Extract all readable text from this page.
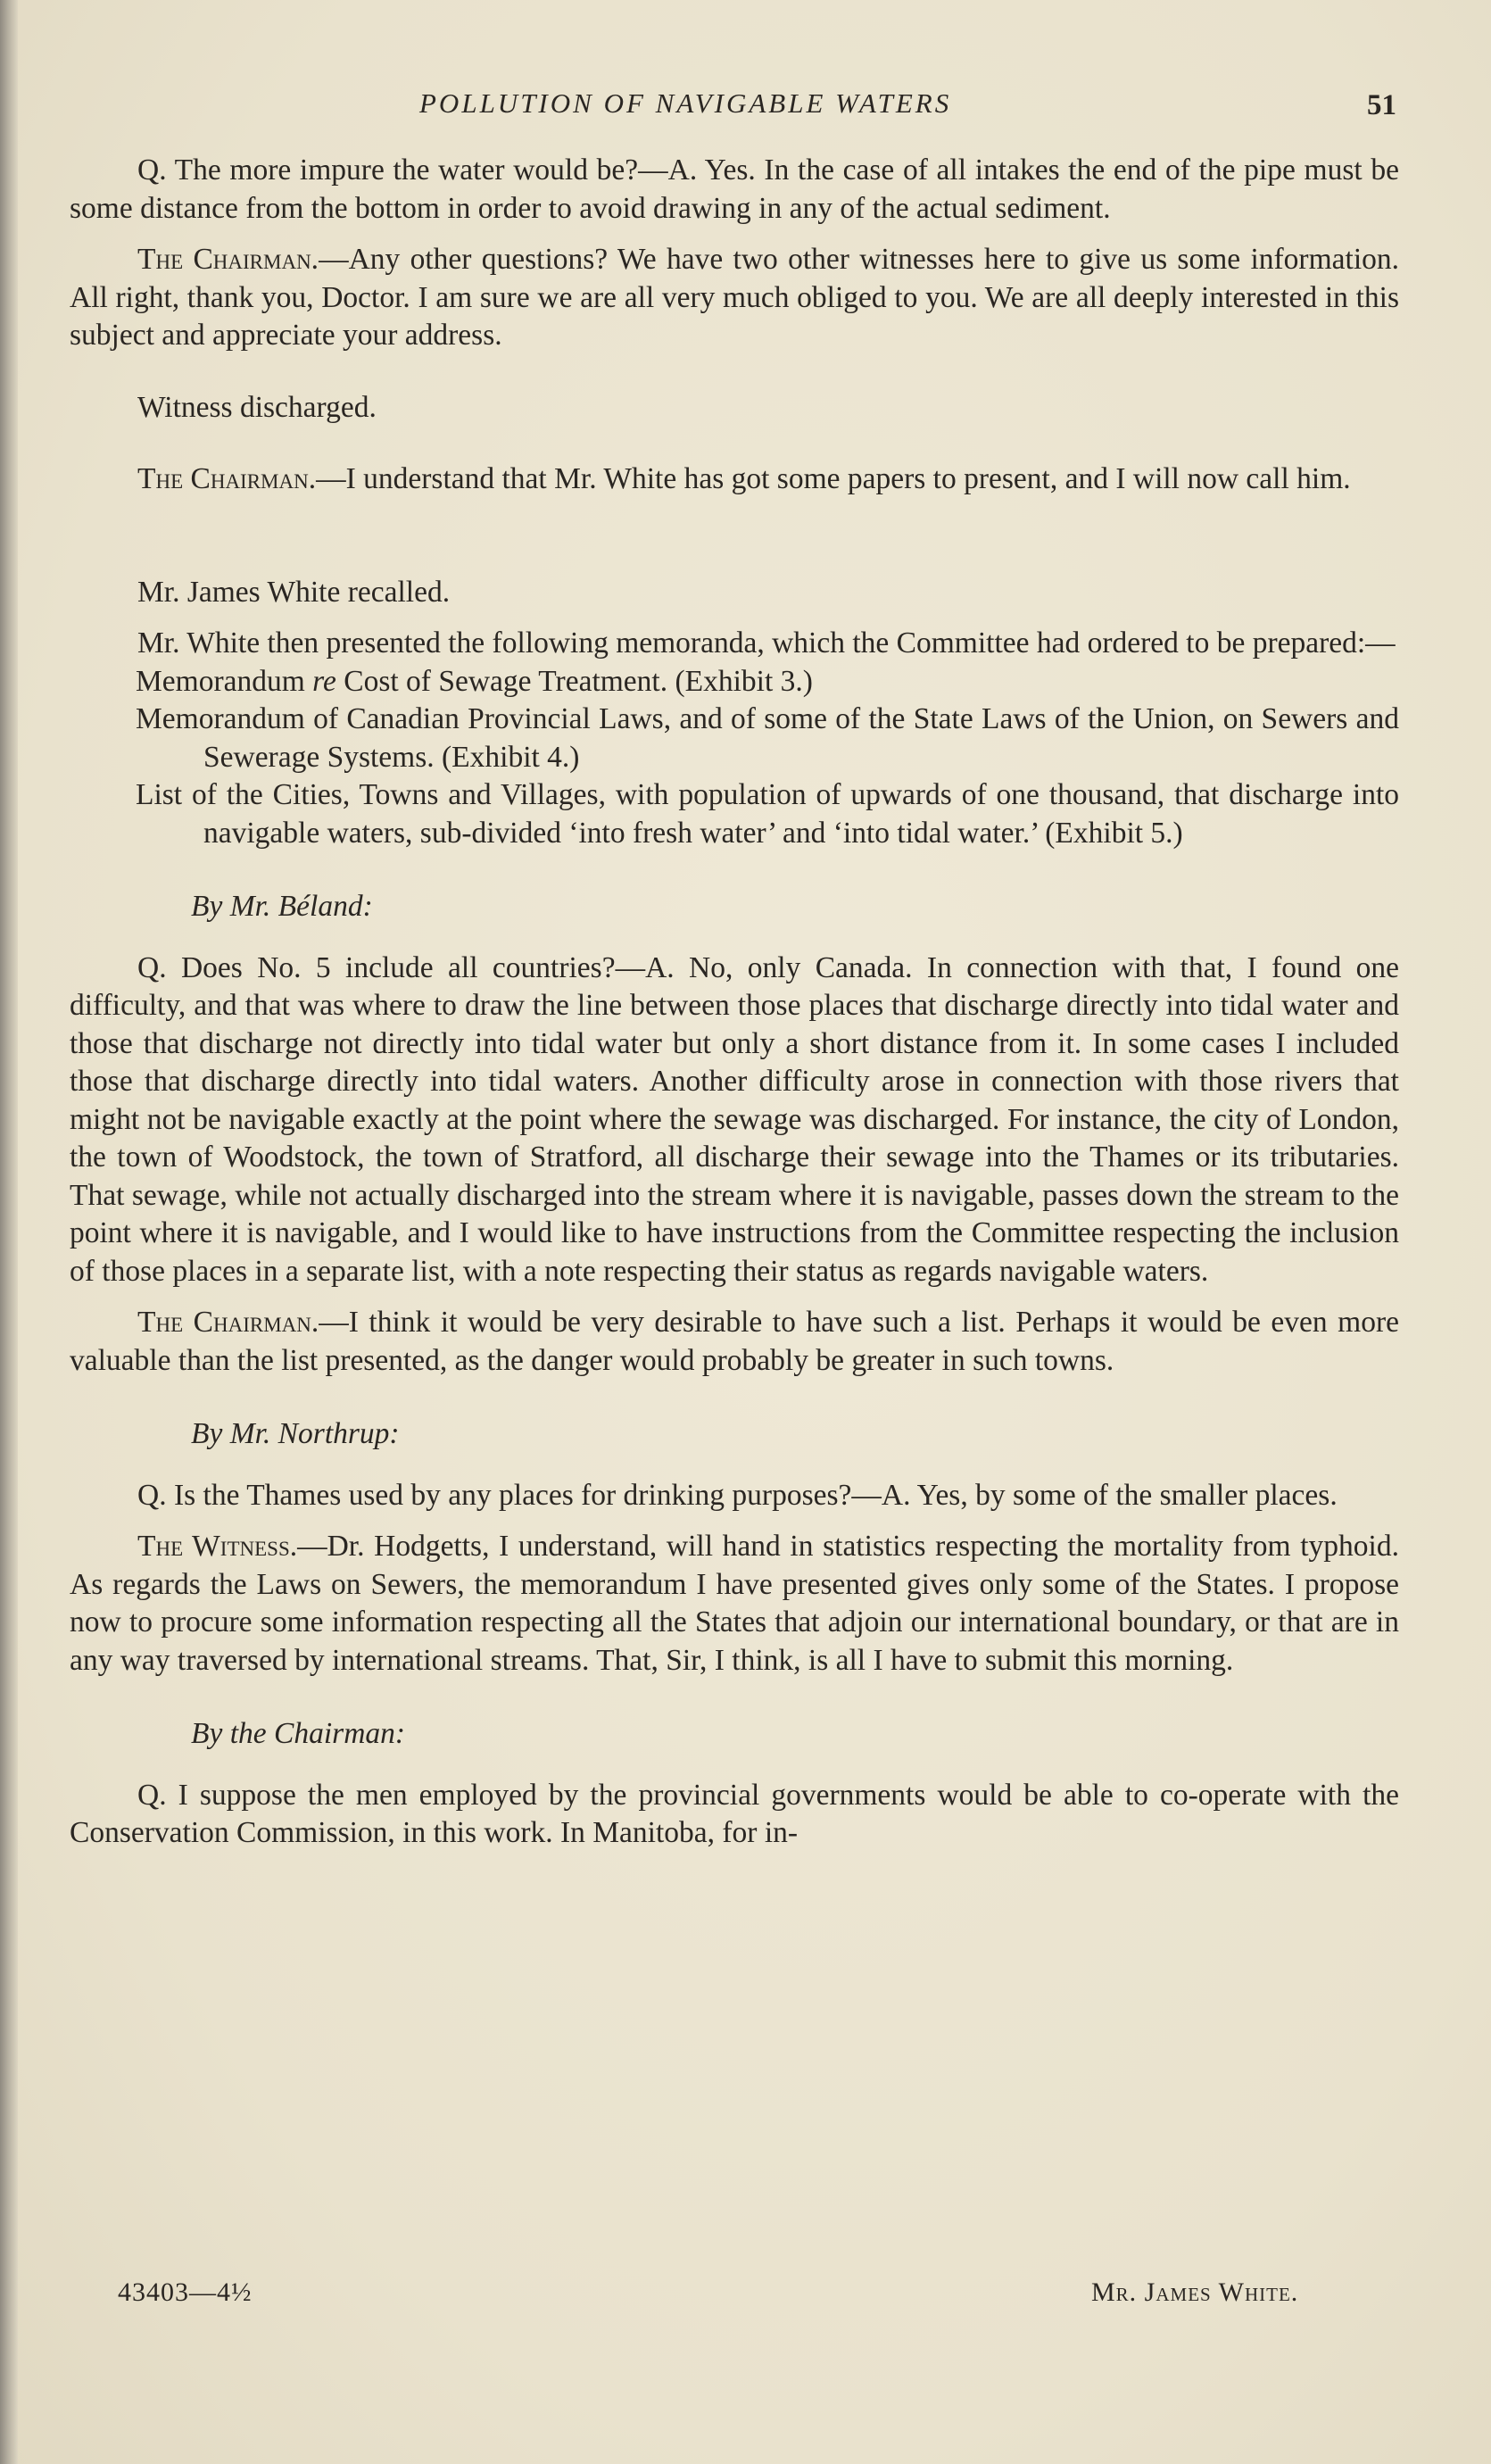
POLLUTION OF NAVIGABLE WATERS	51

Q. The more impure the water would be?—A. Yes. In the case of all intakes the end of the pipe must be some distance from the bottom in order to avoid drawing in any of the actual sediment.

The Chairman.—Any other questions? We have two other witnesses here to give us some information. All right, thank you, Doctor. I am sure we are all very much obliged to you. We are all deeply interested in this subject and appreciate your address.

Witness discharged.

The Chairman.—I understand that Mr. White has got some papers to present, and I will now call him.

Mr. James White recalled.

Mr. White then presented the following memoranda, which the Committee had ordered to be prepared:—

Memorandum re Cost of Sewage Treatment. (Exhibit 3.)

Memorandum of Canadian Provincial Laws, and of some of the State Laws of the Union, on Sewers and Sewerage Systems. (Exhibit 4.)

List of the Cities, Towns and Villages, with population of upwards of one thousand, that discharge into navigable waters, sub-divided ‘into fresh water’ and ‘into tidal water.’ (Exhibit 5.)

By Mr. Béland:

Q. Does No. 5 include all countries?—A. No, only Canada. In connection with that, I found one difficulty, and that was where to draw the line between those places that discharge directly into tidal water and those that discharge not directly into tidal water but only a short distance from it. In some cases I included those that discharge directly into tidal waters. Another difficulty arose in connection with those rivers that might not be navigable exactly at the point where the sewage was discharged. For instance, the city of London, the town of Woodstock, the town of Stratford, all discharge their sewage into the Thames or its tributaries. That sewage, while not actually discharged into the stream where it is navigable, passes down the stream to the point where it is navigable, and I would like to have instructions from the Committee respecting the inclusion of those places in a separate list, with a note respecting their status as regards navigable waters.

The Chairman.—I think it would be very desirable to have such a list. Perhaps it would be even more valuable than the list presented, as the danger would probably be greater in such towns.

By Mr. Northrup:

Q. Is the Thames used by any places for drinking purposes?—A. Yes, by some of the smaller places.

The Witness.—Dr. Hodgetts, I understand, will hand in statistics respecting the mortality from typhoid. As regards the Laws on Sewers, the memorandum I have presented gives only some of the States. I propose now to procure some information respecting all the States that adjoin our international boundary, or that are in any way traversed by international streams. That, Sir, I think, is all I have to submit this morning.

By the Chairman:

Q. I suppose the men employed by the provincial governments would be able to co-operate with the Conservation Commission, in this work. In Manitoba, for in-

43403—4½	Mr. James White.
